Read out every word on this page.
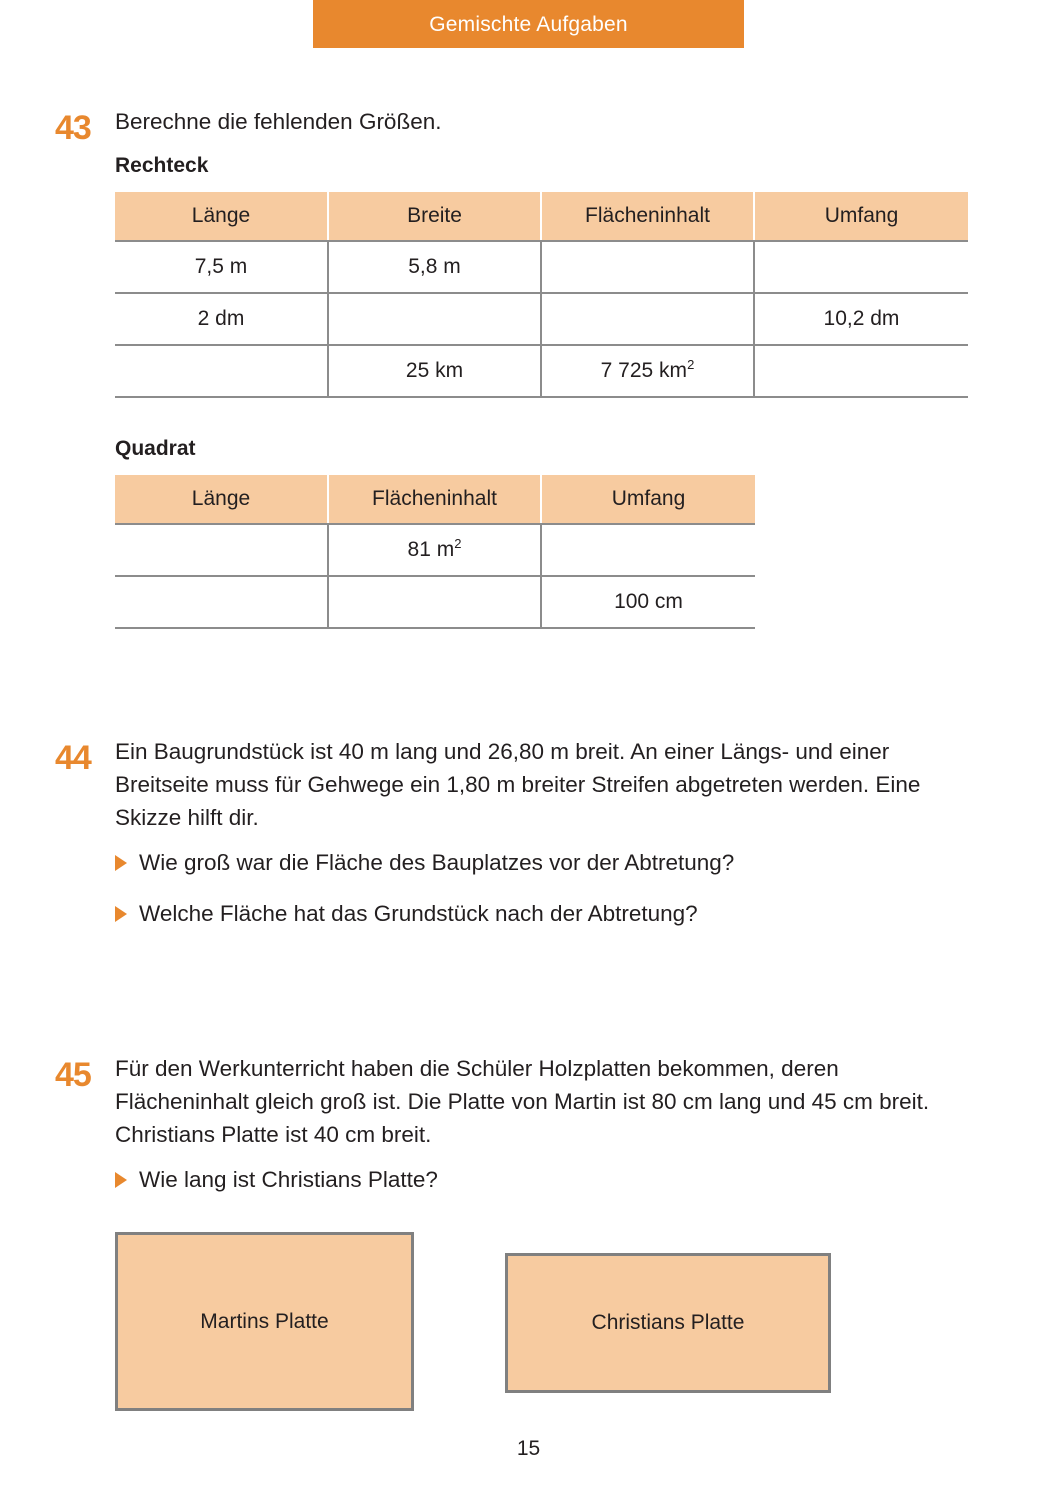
Gemischte Aufgaben
43	Berechne die fehlenden Größen.
Rechteck
Länge	Breite	Flächeninhalt	Umfang
7,5 m	5,8 m		
2 dm			10,2 dm
	25 km	7 725 $km^2$	
Quadrat
Länge	Flächeninhalt	Umfang
	81 $m^2$	
		100 cm
44	Ein Baugrundstück ist 40 m lang und 26,80 m breit. An einer Längs- und einer Breitseite muss für Gehwege ein 1,80 m breiter Streifen abgetreten werden. Eine Skizze hilft dir.
Wie groß war die Fläche des Bauplatzes vor der Abtretung?
Welche Fläche hat das Grundstück nach der Abtretung?
45	Für den Werkunterricht haben die Schüler Holzplatten bekommen, deren Flächeninhalt gleich groß ist. Die Platte von Martin ist 80 cm lang und 45 cm breit. Christians Platte ist 40 cm breit.
Wie lang ist Christians Platte?
Martins Platte	Christians Platte
15
